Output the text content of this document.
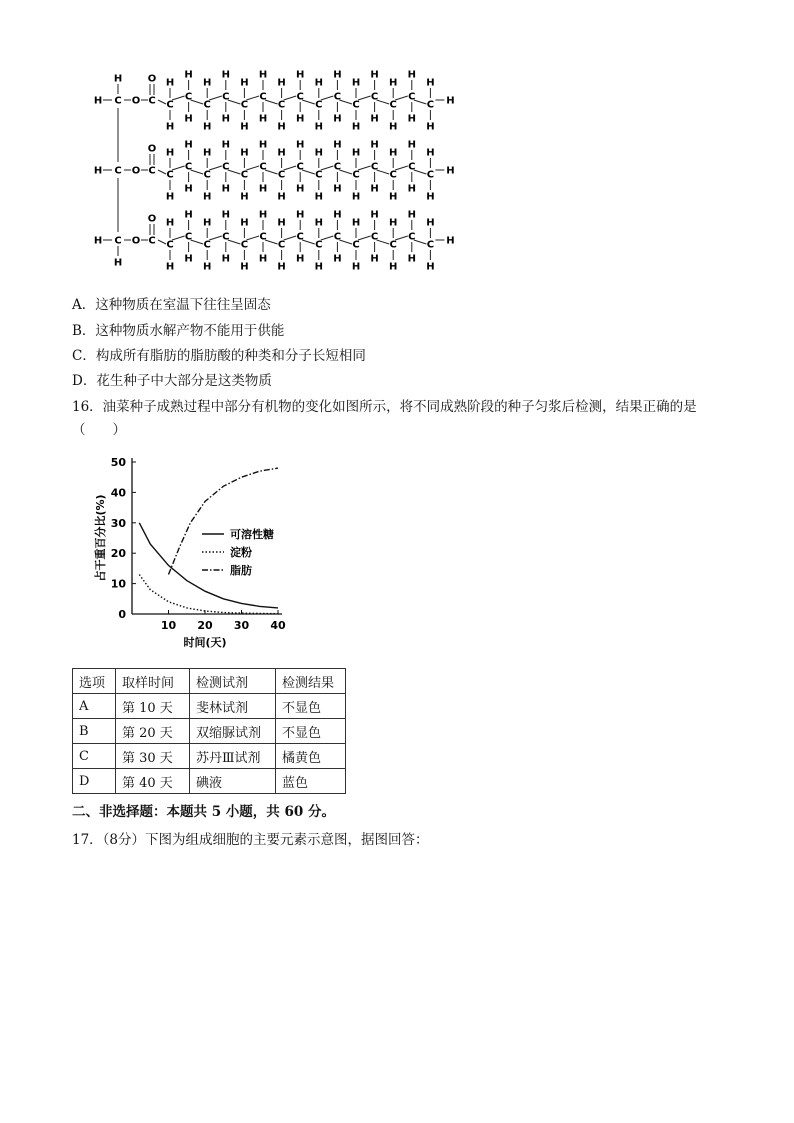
H C O C
O
H
C
H
H
C
H
H
C
H
H
C
H
H
C
H
H
C
H
H
C
H
H
C
H
H
C
H
H
C
H
H
C
H
H
C
H
H
C
H
H
C
H
H
C
H
H
H
H C O C
O
C
H
H
C
H
H
C
H
H
C
H
H
C
H
H
C
H
H
C
H
H
C
H
H
C
H
H
C
H
H
C
H
H
C
H
H
C
H
H
C
H
H
C
H
H
H
H C O C
O
H
C
H
H
C
H
H
C
H
H
C
H
H
C
H
H
C
H
H
C
H
H
C
H
H
C
H
H
C
H
H
C
H
H
C
H
H
C
H
H
C
H
H
C
H
H
H
A．这种物质在室温下往往呈固态
B．这种物质水解产物不能用于供能
C．构成所有脂肪的脂肪酸的种类和分子长短相同
D．花生种子中大部分是这类物质
16．油菜种子成熟过程中部分有机物的变化如图所示，将不同成熟阶段的种子匀浆后检测，结果正确的是
（　　）
0
10
20
30
40
50
10 20 30 40
时间(天)
占干重百分比(%)	可溶性糖
淀粉
脂肪
选项	取样时间	检测试剂	检测结果
A	第 10 天	斐林试剂	不显色
B	第 20 天	双缩脲试剂	不显色
C	第 30 天	苏丹Ⅲ试剂	橘黄色
D	第 40 天	碘液	蓝色
二、非选择题：本题共 5 小题，共 60 分。
17．（8分）下图为组成细胞的主要元素示意图，据图回答：
